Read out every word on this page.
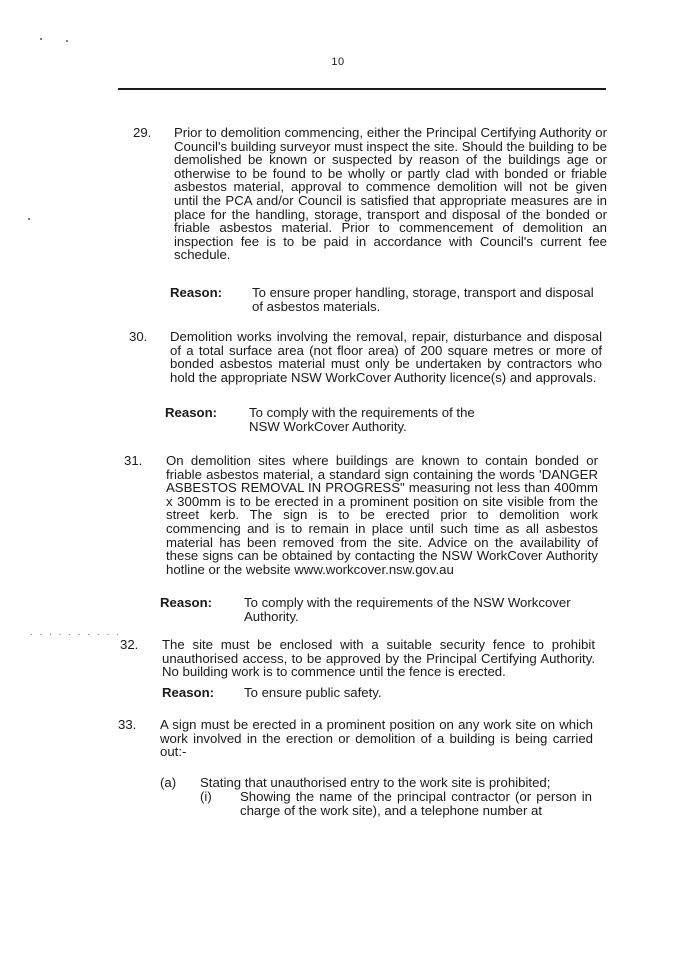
10
. . . . . . . . . .
29. Prior to demolition commencing, either the Principal Certifying Authority or Council's building surveyor must inspect the site. Should the building to be demolished be known or suspected by reason of the buildings age or otherwise to be found to be wholly or partly clad with bonded or friable asbestos material, approval to commence demolition will not be given until the PCA and/or Council is satisfied that appropriate measures are in place for the handling, storage, transport and disposal of the bonded or friable asbestos material. Prior to commencement of demolition an inspection fee is to be paid in accordance with Council's current fee schedule.
Reason: To ensure proper handling, storage, transport and disposal of asbestos materials.
30. Demolition works involving the removal, repair, disturbance and disposal of a total surface area (not floor area) of 200 square metres or more of bonded asbestos material must only be undertaken by contractors who hold the appropriate NSW WorkCover Authority licence(s) and approvals.
Reason: To comply with the requirements of the NSW WorkCover Authority.
31. On demolition sites where buildings are known to contain bonded or friable asbestos material, a standard sign containing the words 'DANGER ASBESTOS REMOVAL IN PROGRESS" measuring not less than 400mm x 300mm is to be erected in a prominent position on site visible from the street kerb. The sign is to be erected prior to demolition work commencing and is to remain in place until such time as all asbestos material has been removed from the site. Advice on the availability of these signs can be obtained by contacting the NSW WorkCover Authority hotline or the website www.workcover.nsw.gov.au
Reason: To comply with the requirements of the NSW Workcover Authority.
32. The site must be enclosed with a suitable security fence to prohibit unauthorised access, to be approved by the Principal Certifying Authority. No building work is to commence until the fence is erected.
Reason: To ensure public safety.
33. A sign must be erected in a prominent position on any work site on which work involved in the erection or demolition of a building is being carried out:-
(a) Stating that unauthorised entry to the work site is prohibited;
(i) Showing the name of the principal contractor (or person in charge of the work site), and a telephone number at
